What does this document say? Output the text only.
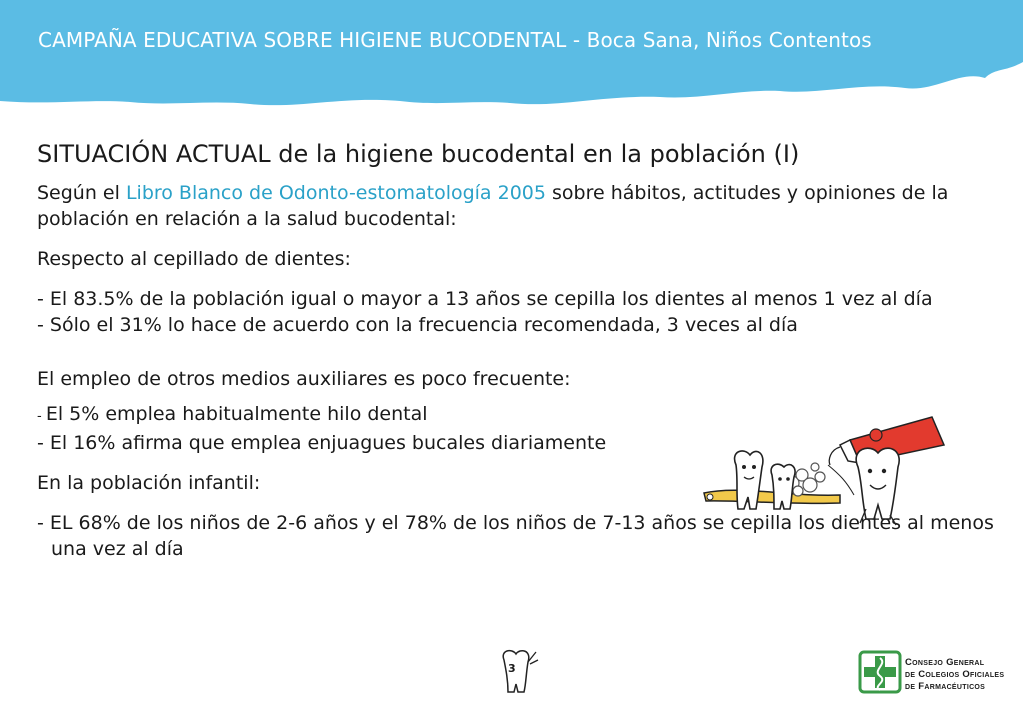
CAMPAÑA EDUCATIVA SOBRE HIGIENE BUCODENTAL - Boca Sana, Niños Contentos
SITUACIÓN ACTUAL de la higiene bucodental en la población (I)

Según el Libro Blanco de Odonto-estomatología 2005 sobre hábitos, actitudes y opiniones de la población en relación a la salud bucodental:

Respecto al cepillado de dientes:

- El 83.5% de la población igual o mayor a 13 años se cepilla los dientes al menos 1 vez al día

- Sólo el 31% lo hace de acuerdo con la frecuencia recomendada, 3 veces al día

El empleo de otros medios auxiliares es poco frecuente:

- El 5% emplea habitualmente hilo dental

- El 16% afirma que emplea enjuagues bucales diariamente

En la población infantil:

- EL 68% de los niños de 2-6 años y el 78% de los niños de 7-13 años se cepilla los dientes al menos una vez al día

3	Consejo General
de Colegios Oficiales
de Farmacéuticos
